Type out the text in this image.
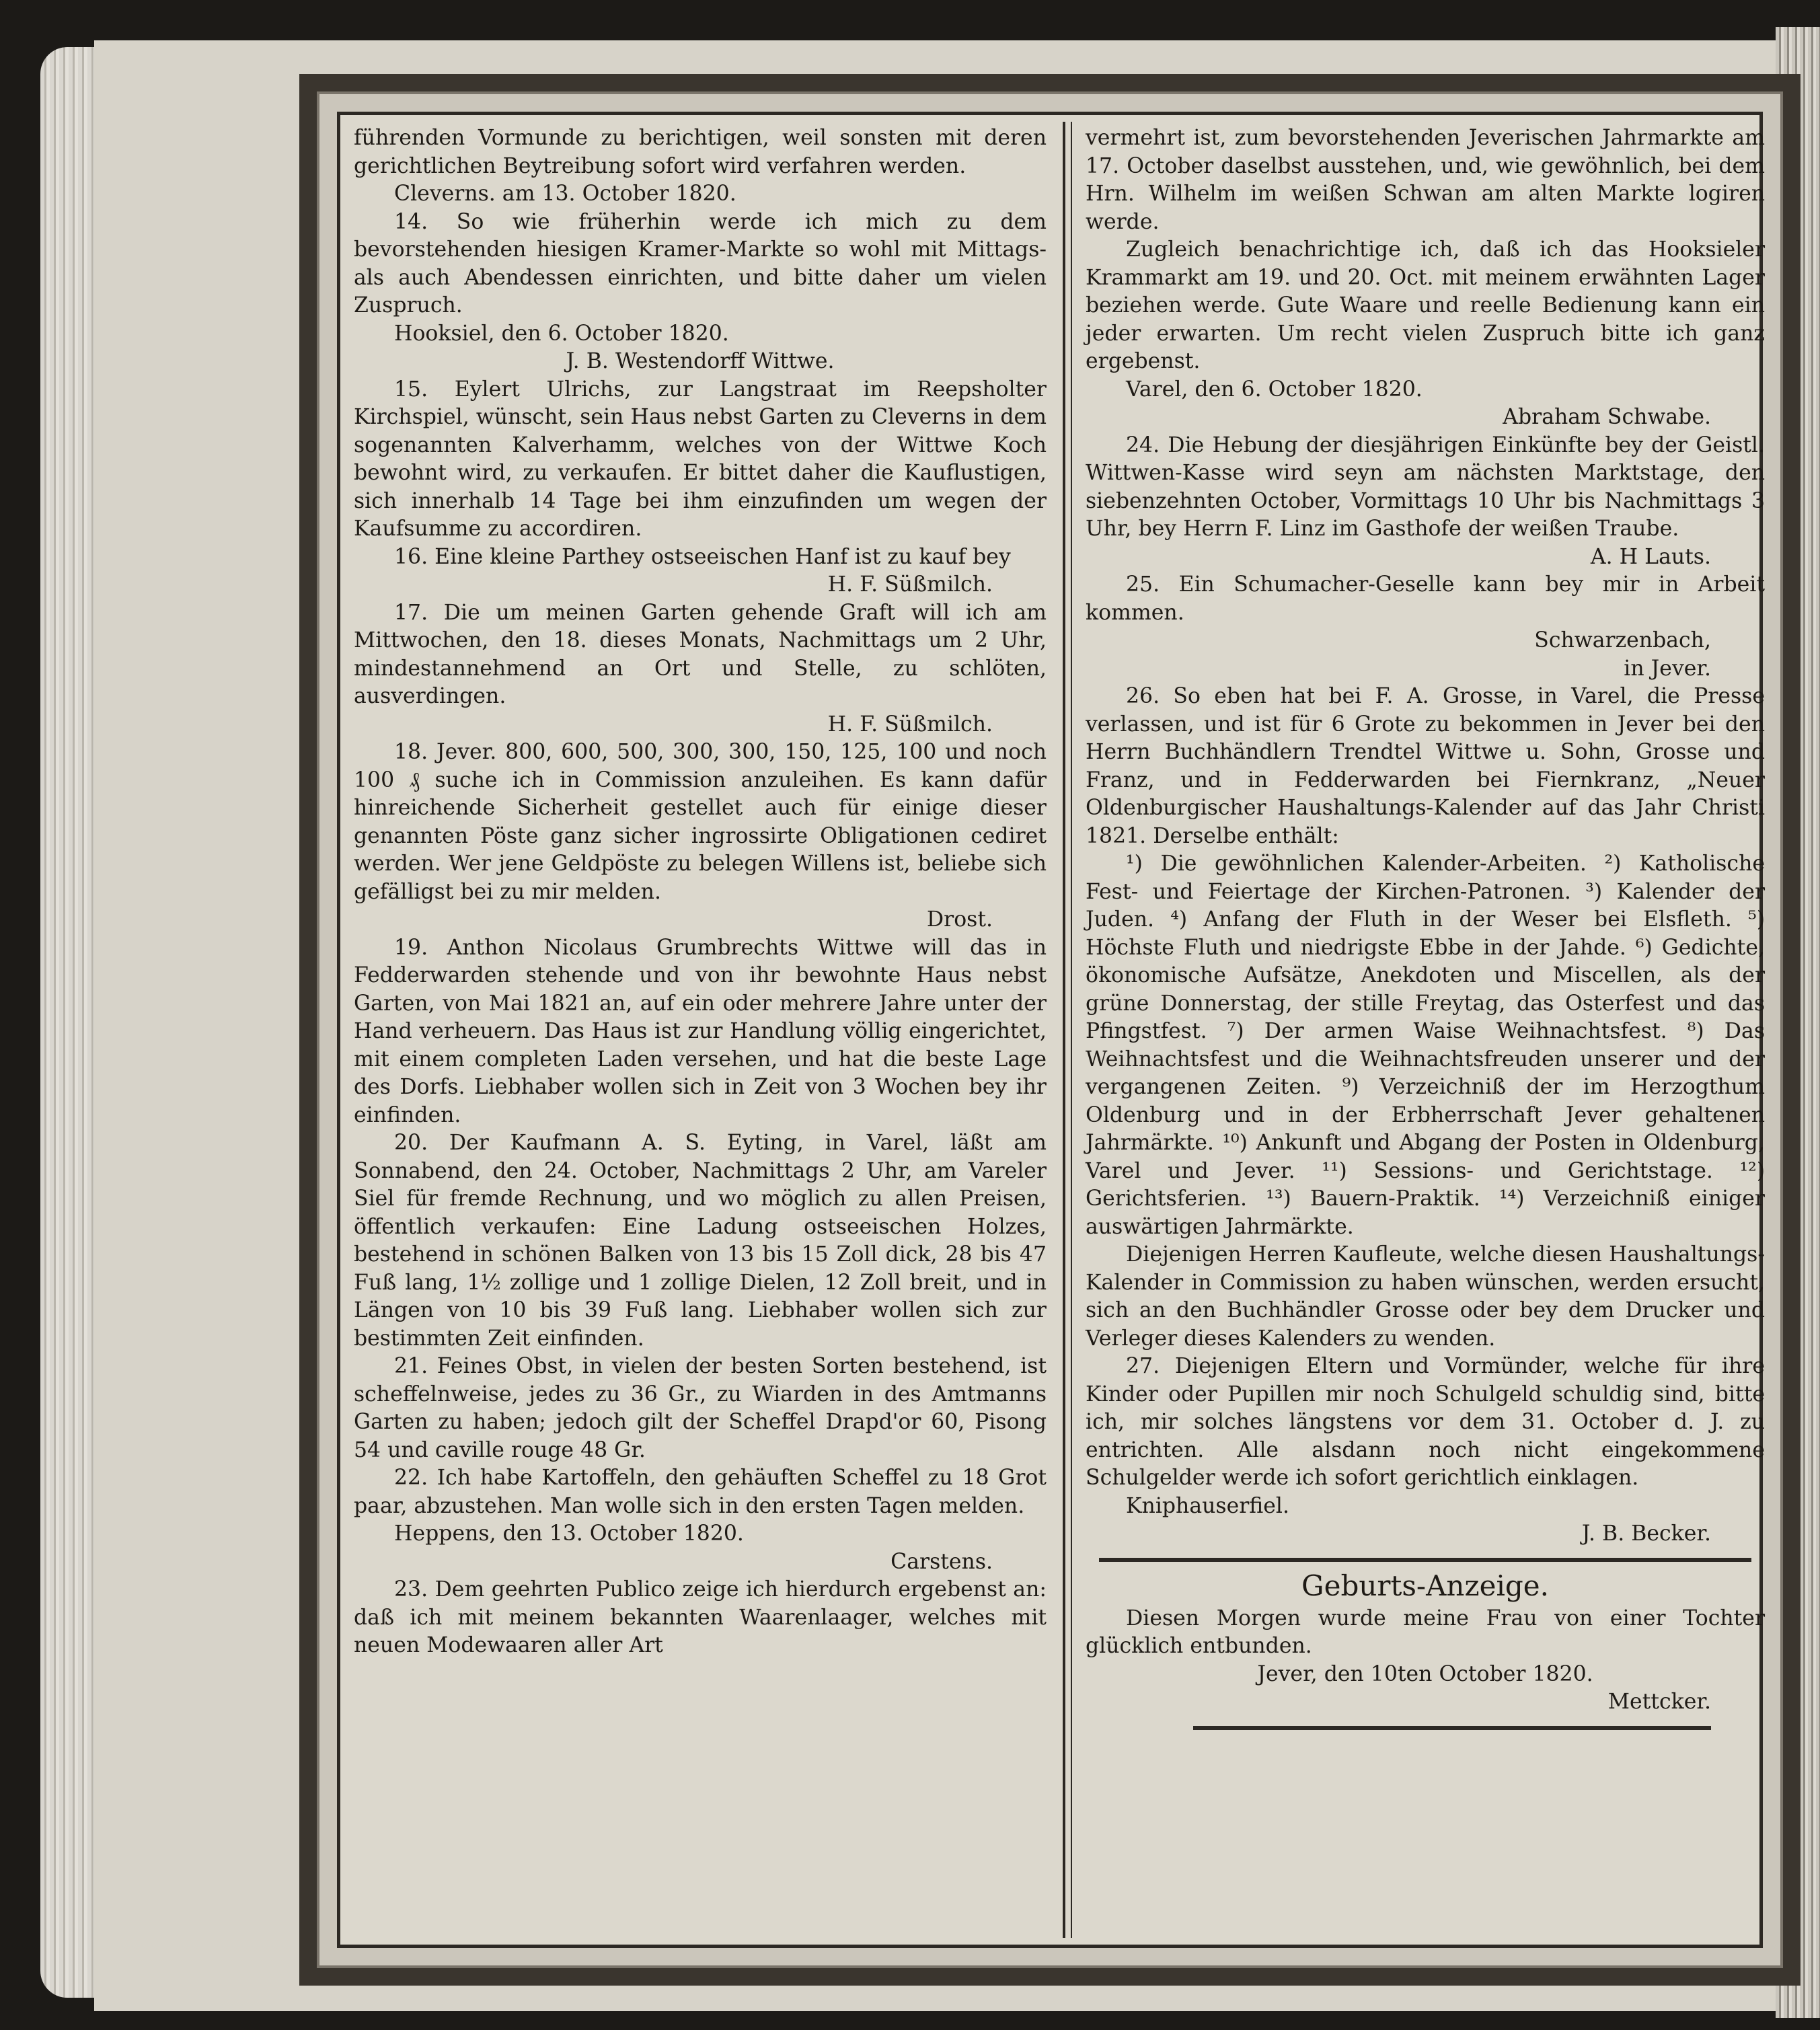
führenden Vormunde zu berichtigen, weil sonsten mit deren gerichtlichen Beytreibung sofort wird verfahren werden.

Cleverns. am 13. October 1820.

14. So wie früherhin werde ich mich zu dem bevorstehenden hiesigen Kramer-Markte so wohl mit Mittags- als auch Abendessen einrichten, und bitte daher um vielen Zuspruch.

Hooksiel, den 6. October 1820.

J. B. Westendorff Wittwe.

15. Eylert Ulrichs, zur Langstraat im Reepsholter Kirchspiel, wünscht, sein Haus nebst Garten zu Cleverns in dem sogenannten Kalverhamm, welches von der Wittwe Koch bewohnt wird, zu verkaufen. Er bittet daher die Kauflustigen, sich innerhalb 14 Tage bei ihm einzufinden um wegen der Kaufsumme zu accordiren.

16. Eine kleine Parthey ostseeischen Hanf ist zu kauf bey

H. F. Süßmilch.

17. Die um meinen Garten gehende Graft will ich am Mittwochen, den 18. dieses Monats, Nachmittags um 2 Uhr, mindestannehmend an Ort und Stelle, zu schlöten, ausverdingen.

H. F. Süßmilch.

18. Jever. 800, 600, 500, 300, 300, 150, 125, 100 und noch 100 ₰ suche ich in Commission anzuleihen. Es kann dafür hinreichende Sicherheit gestellet auch für einige dieser genannten Pöste ganz sicher ingrossirte Obligationen cediret werden. Wer jene Geldpöste zu belegen Willens ist, beliebe sich gefälligst bei zu mir melden.

Drost.

19. Anthon Nicolaus Grumbrechts Wittwe will das in Fedderwarden stehende und von ihr bewohnte Haus nebst Garten, von Mai 1821 an, auf ein oder mehrere Jahre unter der Hand verheuern. Das Haus ist zur Handlung völlig eingerichtet, mit einem completen Laden versehen, und hat die beste Lage des Dorfs. Liebhaber wollen sich in Zeit von 3 Wochen bey ihr einfinden.

20. Der Kaufmann A. S. Eyting, in Varel, läßt am Sonnabend, den 24. October, Nachmittags 2 Uhr, am Vareler Siel für fremde Rechnung, und wo möglich zu allen Preisen, öffentlich verkaufen: Eine Ladung ostseeischen Holzes, bestehend in schönen Balken von 13 bis 15 Zoll dick, 28 bis 47 Fuß lang, 1½ zollige und 1 zollige Dielen, 12 Zoll breit, und in Längen von 10 bis 39 Fuß lang. Liebhaber wollen sich zur bestimmten Zeit einfinden.

21. Feines Obst, in vielen der besten Sorten bestehend, ist scheffelnweise, jedes zu 36 Gr., zu Wiarden in des Amtmanns Garten zu haben; jedoch gilt der Scheffel Drapd'or 60, Pisong 54 und caville rouge 48 Gr.

22. Ich habe Kartoffeln, den gehäuften Scheffel zu 18 Grot paar, abzustehen. Man wolle sich in den ersten Tagen melden.

Heppens, den 13. October 1820.

Carstens.

23. Dem geehrten Publico zeige ich hierdurch ergebenst an: daß ich mit meinem bekannten Waarenlaager, welches mit neuen Modewaaren aller Art

vermehrt ist, zum bevorstehenden Jeverischen Jahrmarkte am 17. October daselbst ausstehen, und, wie gewöhnlich, bei dem Hrn. Wilhelm im weißen Schwan am alten Markte logiren werde.

Zugleich benachrichtige ich, daß ich das Hooksieler Krammarkt am 19. und 20. Oct. mit meinem erwähnten Lager beziehen werde. Gute Waare und reelle Bedienung kann ein jeder erwarten. Um recht vielen Zuspruch bitte ich ganz ergebenst.

Varel, den 6. October 1820.

Abraham Schwabe.

24. Die Hebung der diesjährigen Einkünfte bey der Geistl. Wittwen-Kasse wird seyn am nächsten Marktstage, den siebenzehnten October, Vormittags 10 Uhr bis Nachmittags 3 Uhr, bey Herrn F. Linz im Gasthofe der weißen Traube.

A. H Lauts.

25. Ein Schumacher-Geselle kann bey mir in Arbeit kommen.

Schwarzenbach,

in Jever.

26. So eben hat bei F. A. Grosse, in Varel, die Presse verlassen, und ist für 6 Grote zu bekommen in Jever bei den Herrn Buchhändlern Trendtel Wittwe u. Sohn, Grosse und Franz, und in Fedderwarden bei Fiernkranz, „Neuer Oldenburgischer Haushaltungs-Kalender auf das Jahr Christi 1821. Derselbe enthält:

¹) Die gewöhnlichen Kalender-Arbeiten. ²) Katholische Fest- und Feiertage der Kirchen-Patronen. ³) Kalender der Juden. ⁴) Anfang der Fluth in der Weser bei Elsfleth. ⁵) Höchste Fluth und niedrigste Ebbe in der Jahde. ⁶) Gedichte, ökonomische Aufsätze, Anekdoten und Miscellen, als der grüne Donnerstag, der stille Freytag, das Osterfest und das Pfingstfest. ⁷) Der armen Waise Weihnachtsfest. ⁸) Das Weihnachtsfest und die Weihnachtsfreuden unserer und der vergangenen Zeiten. ⁹) Verzeichniß der im Herzogthum Oldenburg und in der Erbherrschaft Jever gehaltenen Jahrmärkte. ¹⁰) Ankunft und Abgang der Posten in Oldenburg, Varel und Jever. ¹¹) Sessions- und Gerichtstage. ¹²) Gerichtsferien. ¹³) Bauern-Praktik. ¹⁴) Verzeichniß einiger auswärtigen Jahrmärkte.

Diejenigen Herren Kaufleute, welche diesen Haushaltungs-Kalender in Commission zu haben wünschen, werden ersucht, sich an den Buchhändler Grosse oder bey dem Drucker und Verleger dieses Kalenders zu wenden.

27. Diejenigen Eltern und Vormünder, welche für ihre Kinder oder Pupillen mir noch Schulgeld schuldig sind, bitte ich, mir solches längstens vor dem 31. October d. J. zu entrichten. Alle alsdann noch nicht eingekommene Schulgelder werde ich sofort gerichtlich einklagen.

Kniphauserfiel.

J. B. Becker.

Geburts-Anzeige.

Diesen Morgen wurde meine Frau von einer Tochter glücklich entbunden.

Jever, den 10ten October 1820.

Mettcker.
